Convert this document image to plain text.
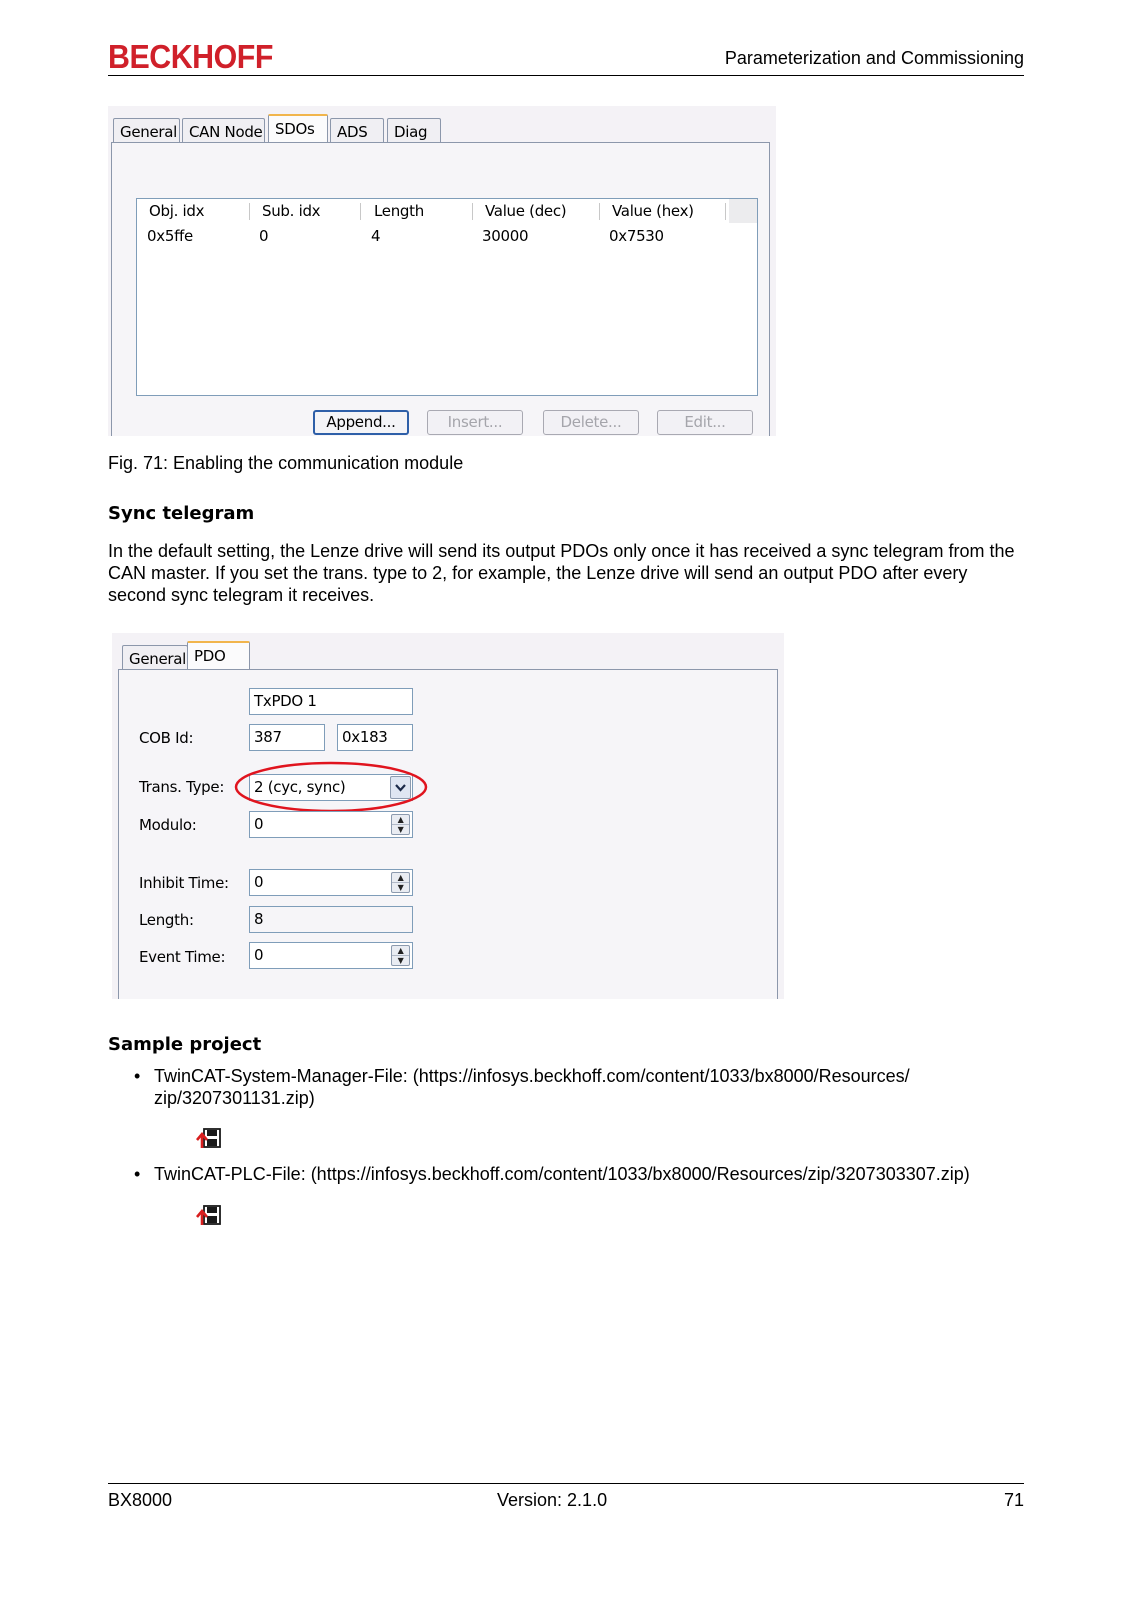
BECKHOFF	Parameterization and Commissioning
General CAN Node SDOs	ADS	Diag
Obj. idx	Sub. idx	Length	Value (dec)	Value (hex)
0x5ffe	0	4	30000	0x7530
Append...	Insert...	Delete...	Edit...
Fig. 71: Enabling the communication module
Sync telegram
In the default setting, the Lenze drive will send its output PDOs only once it has received a sync telegram from the CAN master. If you set the trans. type to 2, for example, the Lenze drive will send an output PDO after every second sync telegram it receives.
General PDO
TxPDO 1
COB Id:	387	0x183
Trans. Type:	2 (cyc, sync)
Modulo:	0	▲
▼
Inhibit Time:	0	▲
▼
Length:	8
Event Time:	0	▲
▼
Sample project
• TwinCAT-System-Manager-File: (https://infosys.beckhoff.com/content/1033/bx8000/Resources/
zip/3207301131.zip)
• TwinCAT-PLC-File: (https://infosys.beckhoff.com/content/1033/bx8000/Resources/zip/3207303307.zip)
BX8000	Version: 2.1.0	71
